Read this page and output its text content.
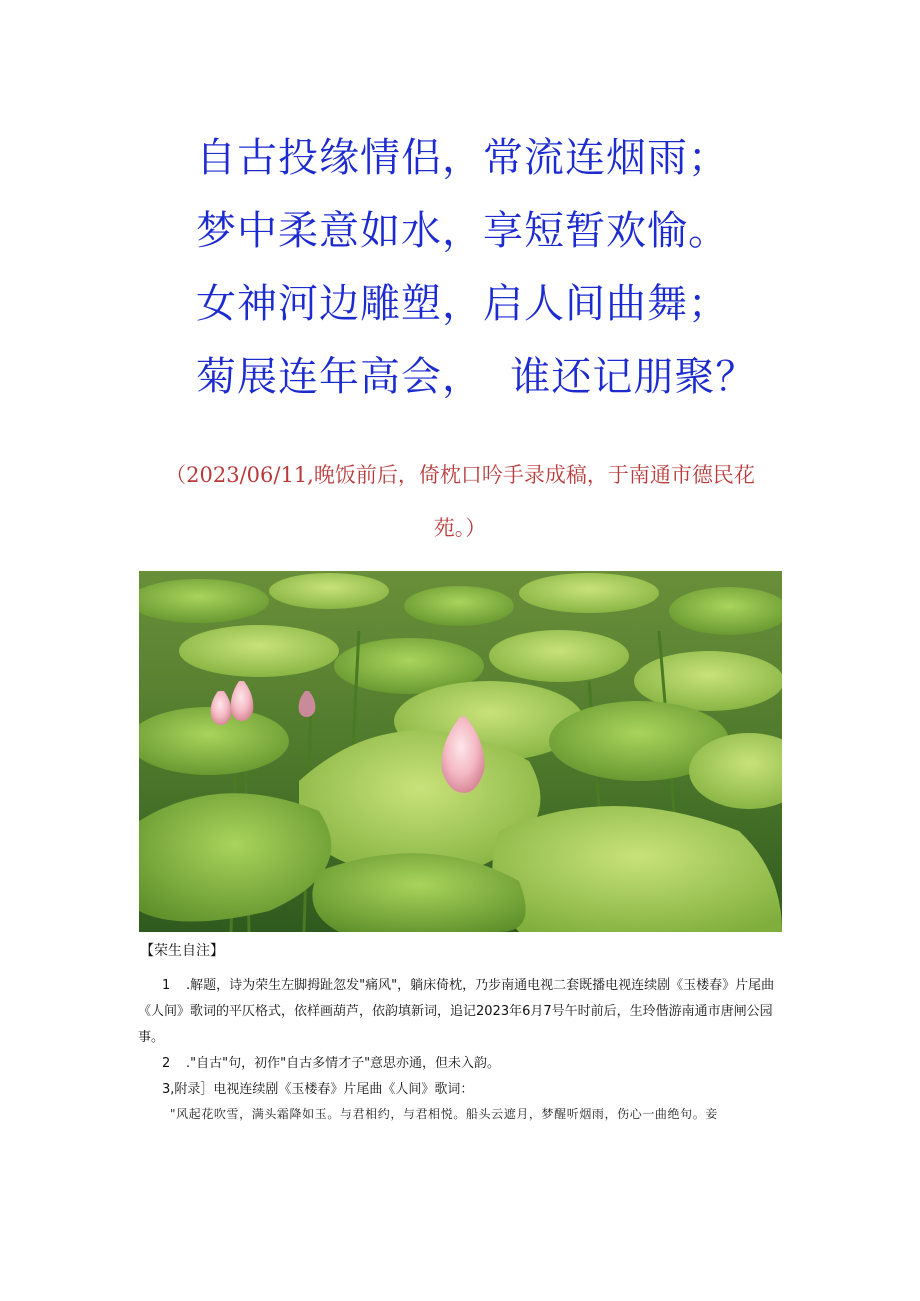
自古投缘情侣，常流连烟雨；
梦中柔意如水，享短暂欢愉。
女神河边雕塑，启人间曲舞；
菊展连年高会，  谁还记朋聚？
（2023/06/11,晚饭前后，倚枕口吟手录成稿，于南通市德民花苑。）
【荣生自注】

1 .解题，诗为荣生左脚拇趾忽发"痛风"，躺床倚枕，乃步南通电视二套既播电视连续剧《玉楼春》片尾曲《人间》歌词的平仄格式，依样画葫芦，依韵填新词，追记2023年6月7号午时前后，生玲偕游南通市唐闸公园事。

2 ."自古"句，初作"自古多情才子"意思亦通，但未入韵。

3,附录］电视连续剧《玉楼春》片尾曲《人间》歌词：

"风起花吹雪，满头霜降如玉。与君相约，与君相悦。船头云遮月，梦醒听烟雨，伤心一曲绝句。妾
